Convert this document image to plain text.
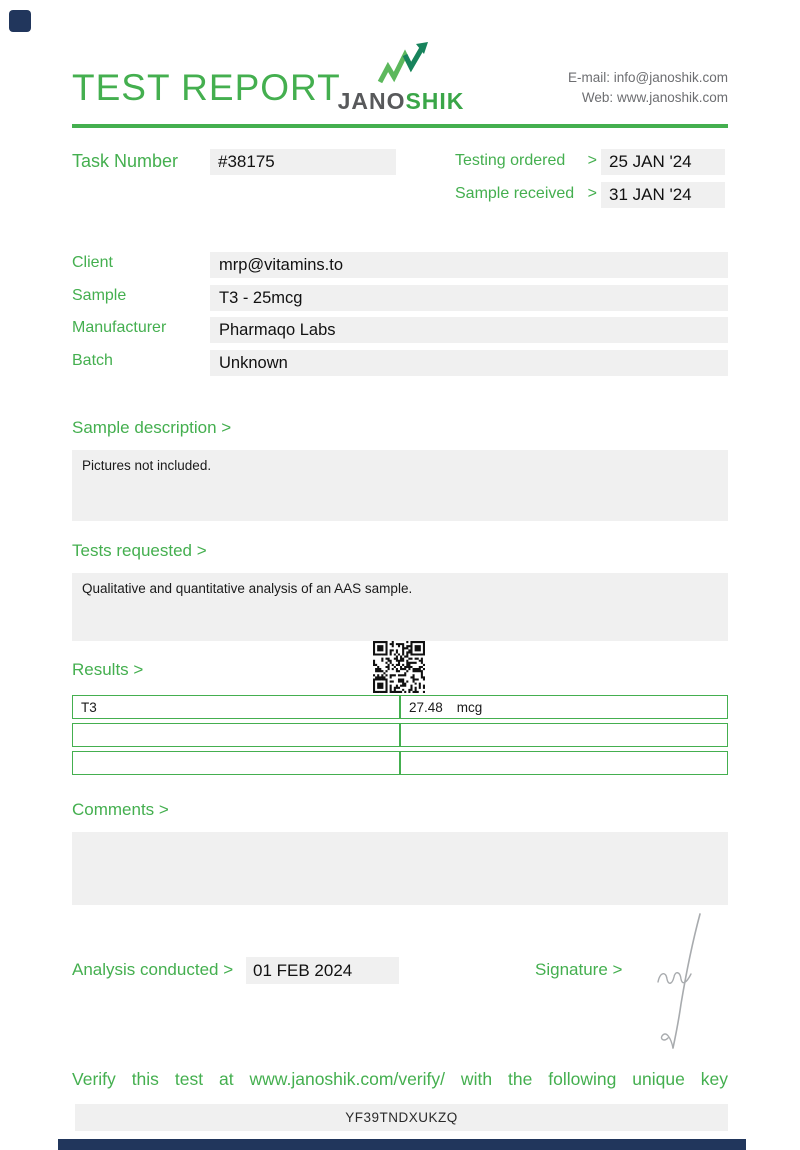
TEST REPORT
JANOSHIK
E-mail: info@janoshik.com
Web: www.janoshik.com
Task Number	#38175	Testing ordered > 25 JAN '24
Sample received > 31 JAN '24
Client	mrp@vitamins.to
Sample	T3 - 25mcg
Manufacturer	Pharmaqo Labs
Batch	Unknown
Sample description >
Pictures not included.
Tests requested >
Qualitative and quantitative analysis of an AAS sample.
Results >
T3	27.48 mcg

Comments >
Analysis conducted >	01 FEB 2024	Signature >
Verify this test at www.janoshik.com/verify/ with the following unique key
YF39TNDXUKZQ
